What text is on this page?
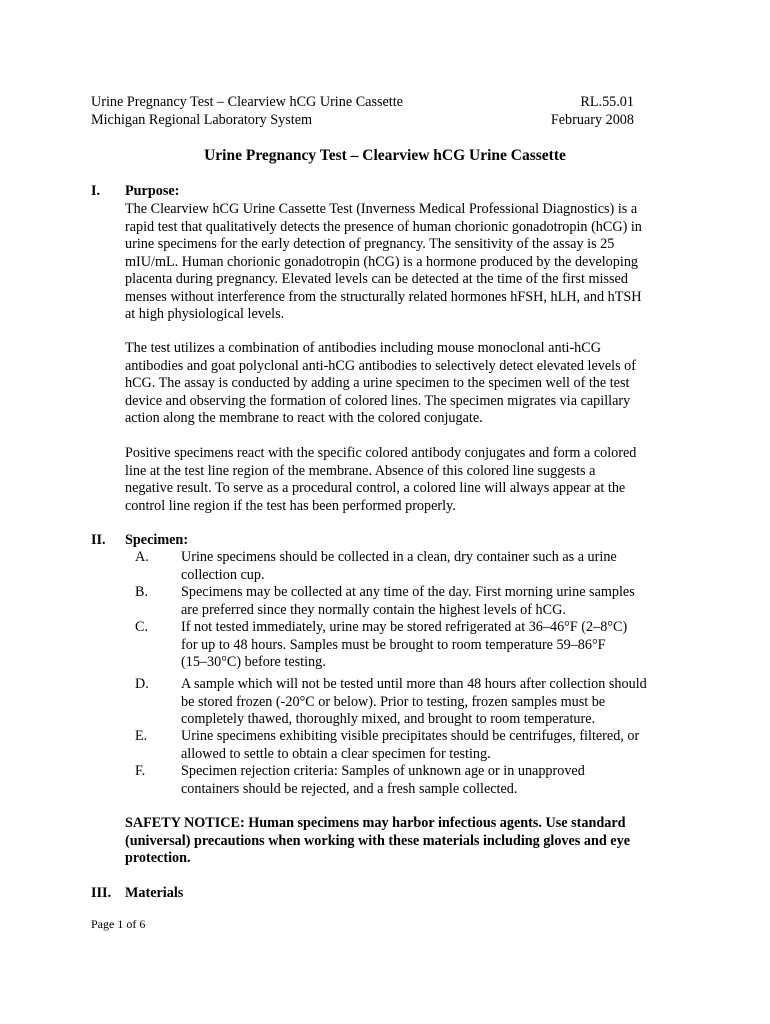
Urine Pregnancy Test – Clearview hCG Urine Cassette	RL.55.01
Michigan Regional Laboratory System	February 2008
Urine Pregnancy Test – Clearview hCG Urine Cassette
I. Purpose:
The Clearview hCG Urine Cassette Test (Inverness Medical Professional Diagnostics) is a
rapid test that qualitatively detects the presence of human chorionic gonadotropin (hCG) in
urine specimens for the early detection of pregnancy. The sensitivity of the assay is 25
mIU/mL. Human chorionic gonadotropin (hCG) is a hormone produced by the developing
placenta during pregnancy. Elevated levels can be detected at the time of the first missed
menses without interference from the structurally related hormones hFSH, hLH, and hTSH
at high physiological levels.
The test utilizes a combination of antibodies including mouse monoclonal anti-hCG
antibodies and goat polyclonal anti-hCG antibodies to selectively detect elevated levels of
hCG. The assay is conducted by adding a urine specimen to the specimen well of the test
device and observing the formation of colored lines. The specimen migrates via capillary
action along the membrane to react with the colored conjugate.
Positive specimens react with the specific colored antibody conjugates and form a colored
line at the test line region of the membrane. Absence of this colored line suggests a
negative result. To serve as a procedural control, a colored line will always appear at the
control line region if the test has been performed properly.
II. Specimen:
A.	Urine specimens should be collected in a clean, dry container such as a urine
collection cup.
B.	Specimens may be collected at any time of the day. First morning urine samples
are preferred since they normally contain the highest levels of hCG.
C.	If not tested immediately, urine may be stored refrigerated at 36–46°F (2–8°C)
for up to 48 hours. Samples must be brought to room temperature 59–86°F
(15–30°C) before testing.
D.	A sample which will not be tested until more than 48 hours after collection should
be stored frozen (-20°C or below). Prior to testing, frozen samples must be
completely thawed, thoroughly mixed, and brought to room temperature.
E.	Urine specimens exhibiting visible precipitates should be centrifuges, filtered, or
allowed to settle to obtain a clear specimen for testing.
F.	Specimen rejection criteria: Samples of unknown age or in unapproved
containers should be rejected, and a fresh sample collected.
SAFETY NOTICE: Human specimens may harbor infectious agents. Use standard
(universal) precautions when working with these materials including gloves and eye
protection.
III. Materials
Page 1 of 6
